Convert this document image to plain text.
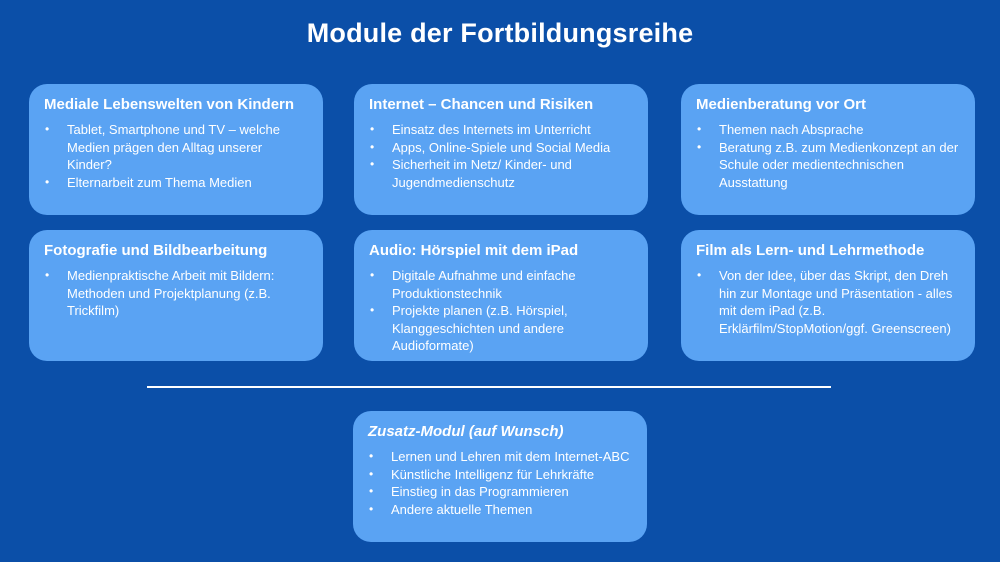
Module der Fortbildungsreihe
Mediale Lebenswelten von Kindern
• Tablet, Smartphone und TV – welche Medien prägen den Alltag unserer Kinder?
• Elternarbeit zum Thema Medien
Internet – Chancen und Risiken
• Einsatz des Internets im Unterricht
• Apps, Online-Spiele und Social Media
• Sicherheit im Netz/ Kinder- und Jugendmedienschutz
Medienberatung vor Ort
• Themen nach Absprache
• Beratung z.B. zum Medienkonzept an der Schule oder medientechnischen Ausstattung
Fotografie und Bildbearbeitung
• Medienpraktische Arbeit mit Bildern: Methoden und Projektplanung (z.B. Trickfilm)
Audio: Hörspiel mit dem iPad
• Digitale Aufnahme und einfache Produktionstechnik
• Projekte planen (z.B. Hörspiel, Klanggeschichten und andere Audioformate)
Film als Lern- und Lehrmethode
• Von der Idee, über das Skript, den Dreh hin zur Montage und Präsentation - alles mit dem iPad (z.B. Erklärfilm/StopMotion/ggf. Greenscreen)
Zusatz-Modul (auf Wunsch)
• Lernen und Lehren mit dem Internet-ABC
• Künstliche Intelligenz für Lehrkräfte
• Einstieg in das Programmieren
• Andere aktuelle Themen
